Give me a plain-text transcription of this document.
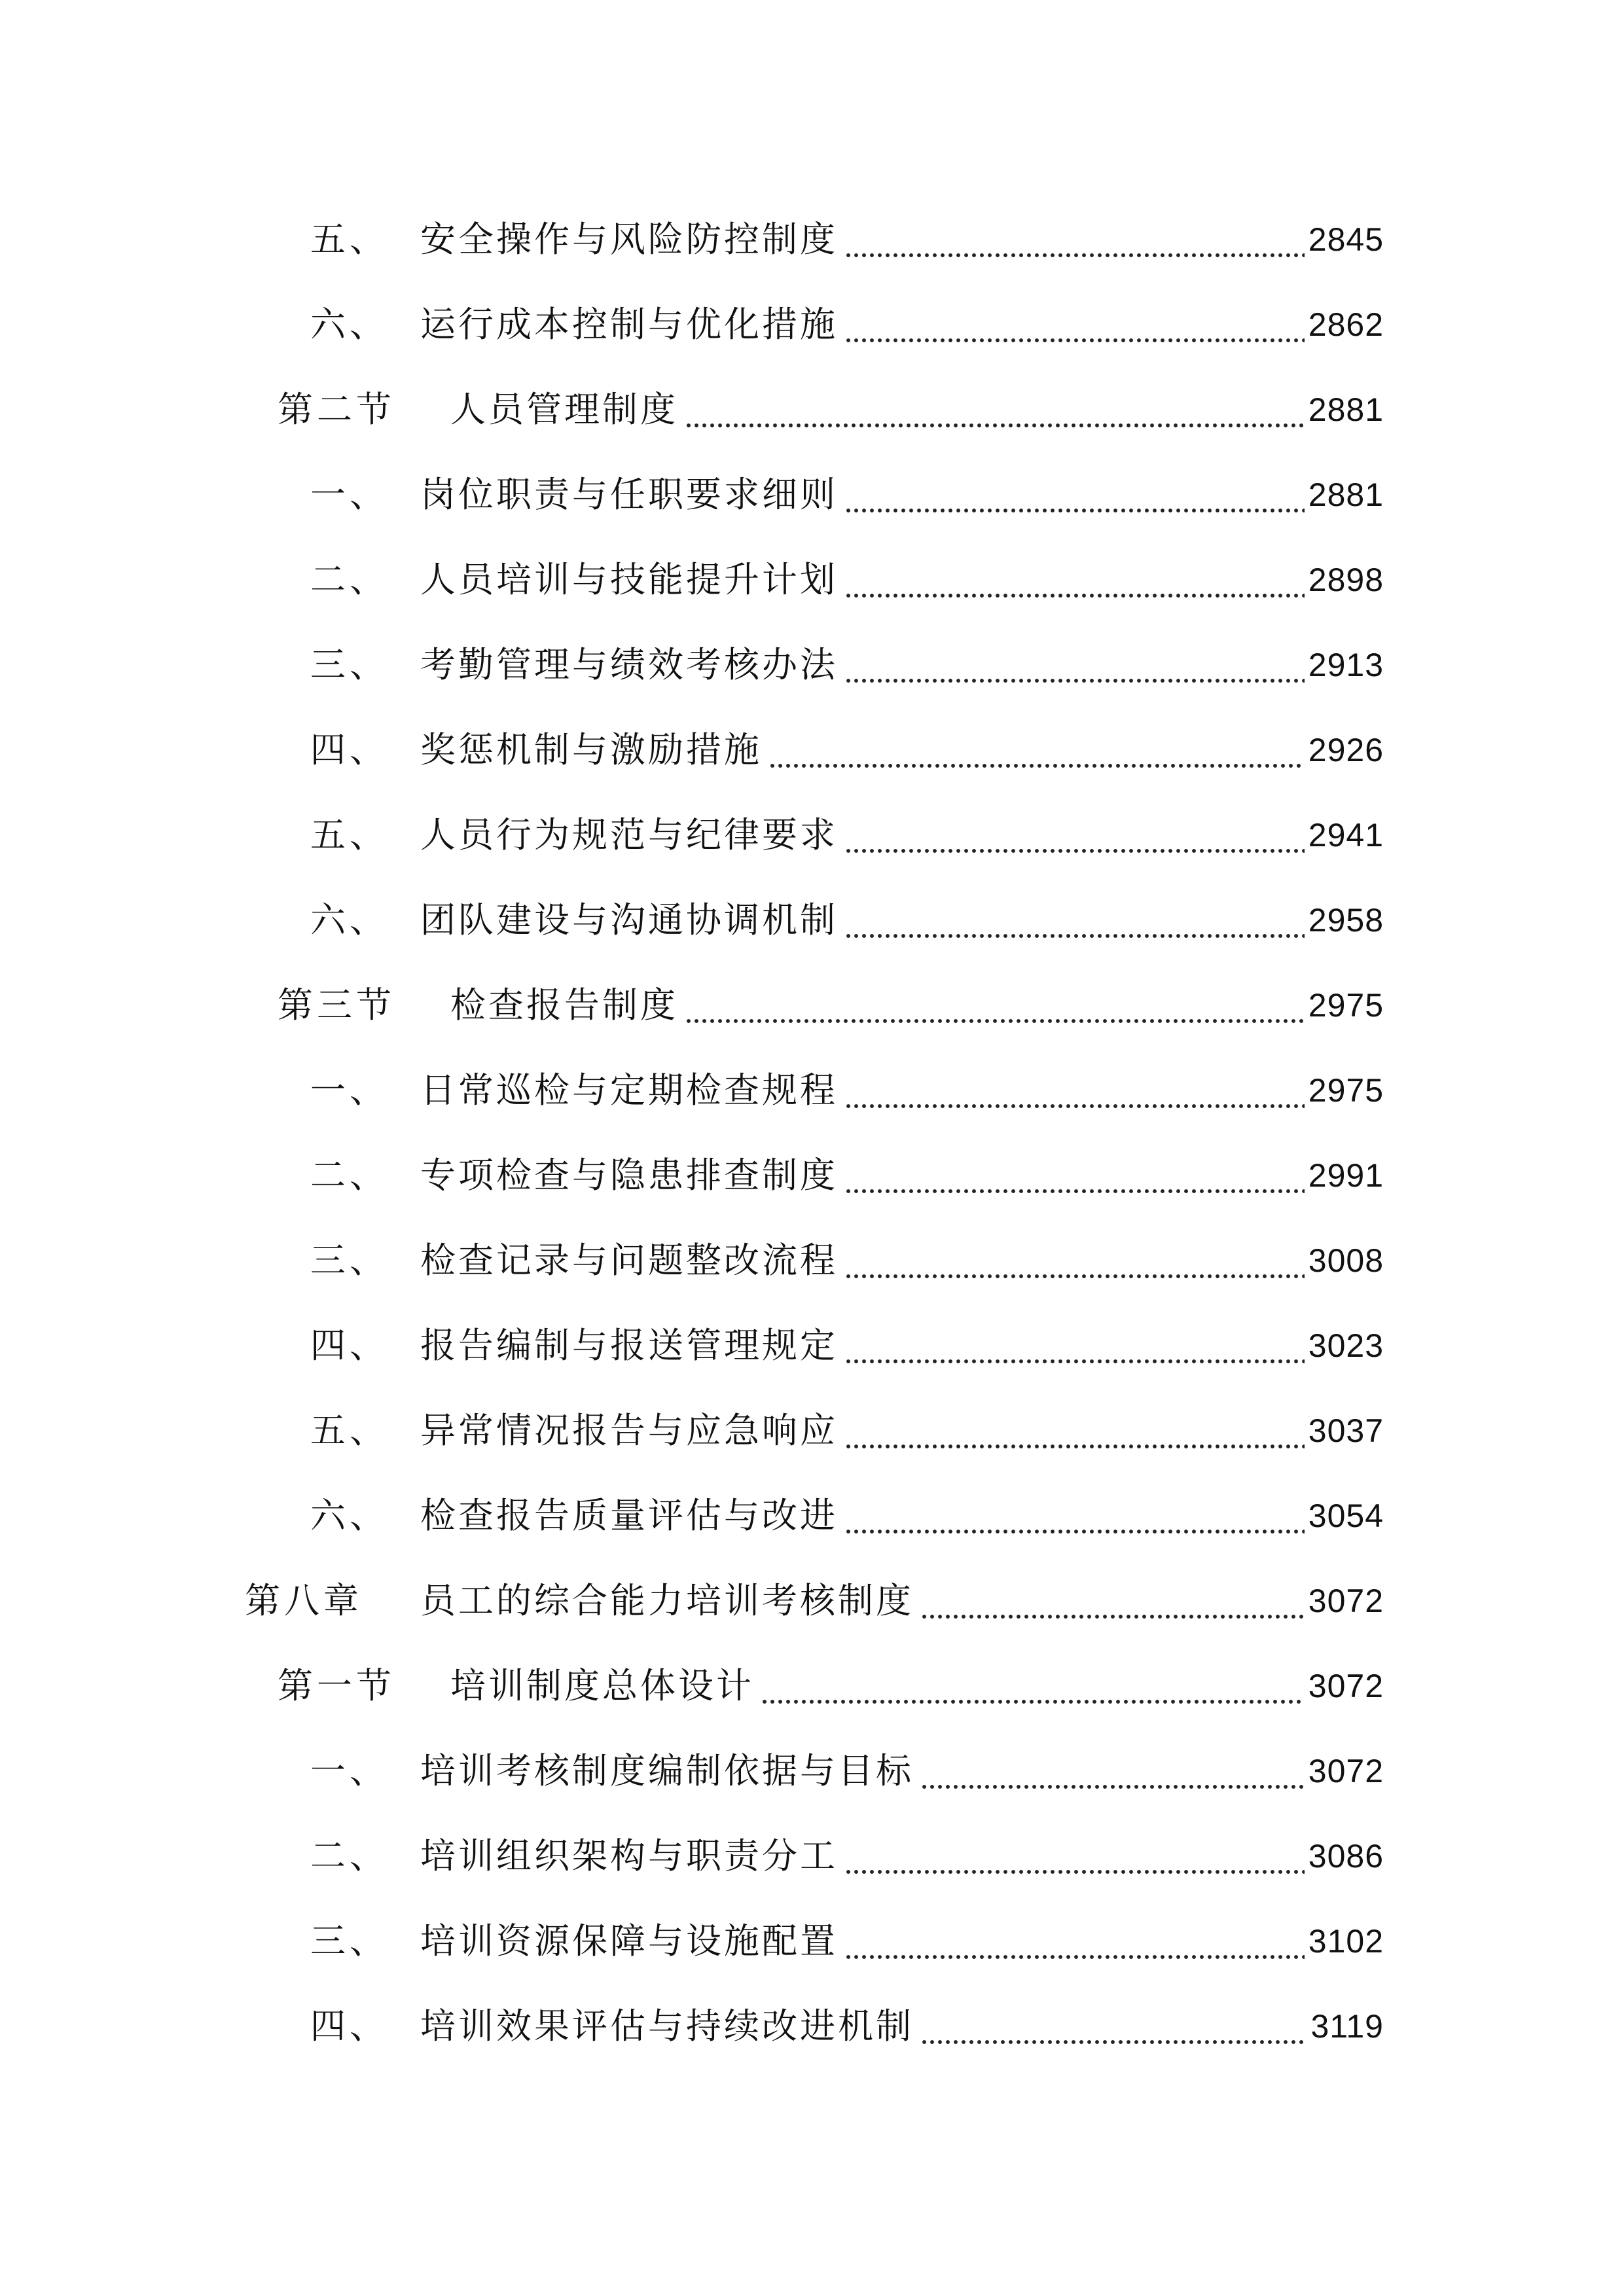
五、 安全操作与风险防控制度	2845
六、 运行成本控制与优化措施	2862
第二节	人员管理制度	2881
一、 岗位职责与任职要求细则	2881
二、 人员培训与技能提升计划	2898
三、 考勤管理与绩效考核办法	2913
四、 奖惩机制与激励措施	2926
五、 人员行为规范与纪律要求	2941
六、 团队建设与沟通协调机制	2958
第三节	检查报告制度	2975
一、 日常巡检与定期检查规程	2975
二、 专项检查与隐患排查制度	2991
三、 检查记录与问题整改流程	3008
四、 报告编制与报送管理规定	3023
五、 异常情况报告与应急响应	3037
六、 检查报告质量评估与改进	3054
第八章	员工的综合能力培训考核制度	3072
第一节	培训制度总体设计	3072
一、 培训考核制度编制依据与目标	3072
二、 培训组织架构与职责分工	3086
三、 培训资源保障与设施配置	3102
四、 培训效果评估与持续改进机制	3119
